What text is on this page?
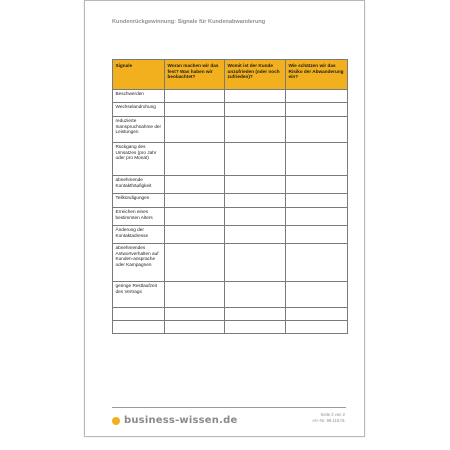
Kundenrückgewinnung: Signale für Kundenabwanderung
Signale	Woran machen wir das fest? Was haben wir beobachtet?	Womit ist der Kunde unzufrieden (oder noch zufrieden)?	Wie schätzen wir das Risiko der Abwanderung ein?
Beschwerden			
Wechselandrohung			
reduzierte Inanspruchnahme der Leistungen			
Rückgang des Umsatzes (pro Jahr oder pro Monat)			
abnehmende Kontakthäufigkeit			
Teilkündigungen			
Erreichen eines bestimmten Alters			
Änderung der Kontaktadresse			
abnehmendes Antwortverhalten auf Kunden-ansprache oder Kampagnen			
geringe Restlaufzeit des Vertrags			

business-wissen.de
Seite 2 von 2
Art.-Nr. 99.118.01
